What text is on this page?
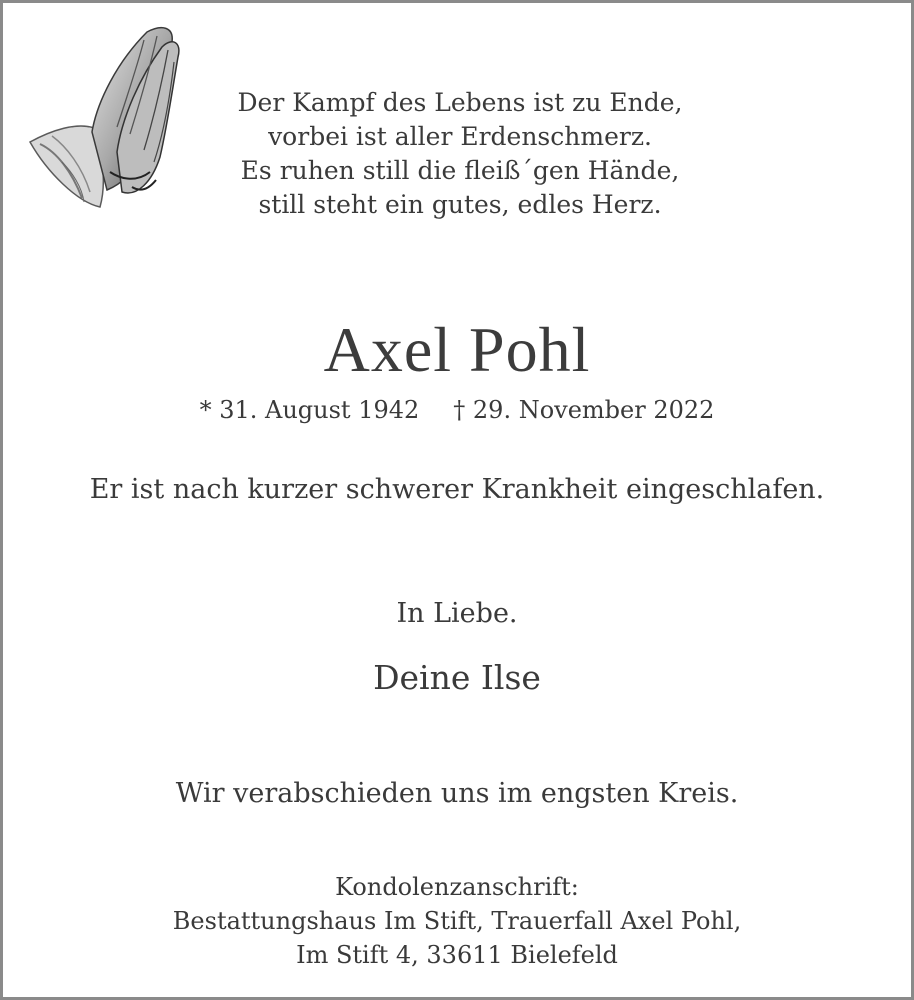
Der Kampf des Lebens ist zu Ende,
vorbei ist aller Erdenschmerz.
Es ruhen still die fleiß´gen Hände,
still steht ein gutes, edles Herz.
Axel Pohl
* 31. August 1942 † 29. November 2022
Er ist nach kurzer schwerer Krankheit eingeschlafen.
In Liebe.
Deine Ilse
Wir verabschieden uns im engsten Kreis.
Kondolenzanschrift:
Bestattungshaus Im Stift, Trauerfall Axel Pohl,
Im Stift 4, 33611 Bielefeld
